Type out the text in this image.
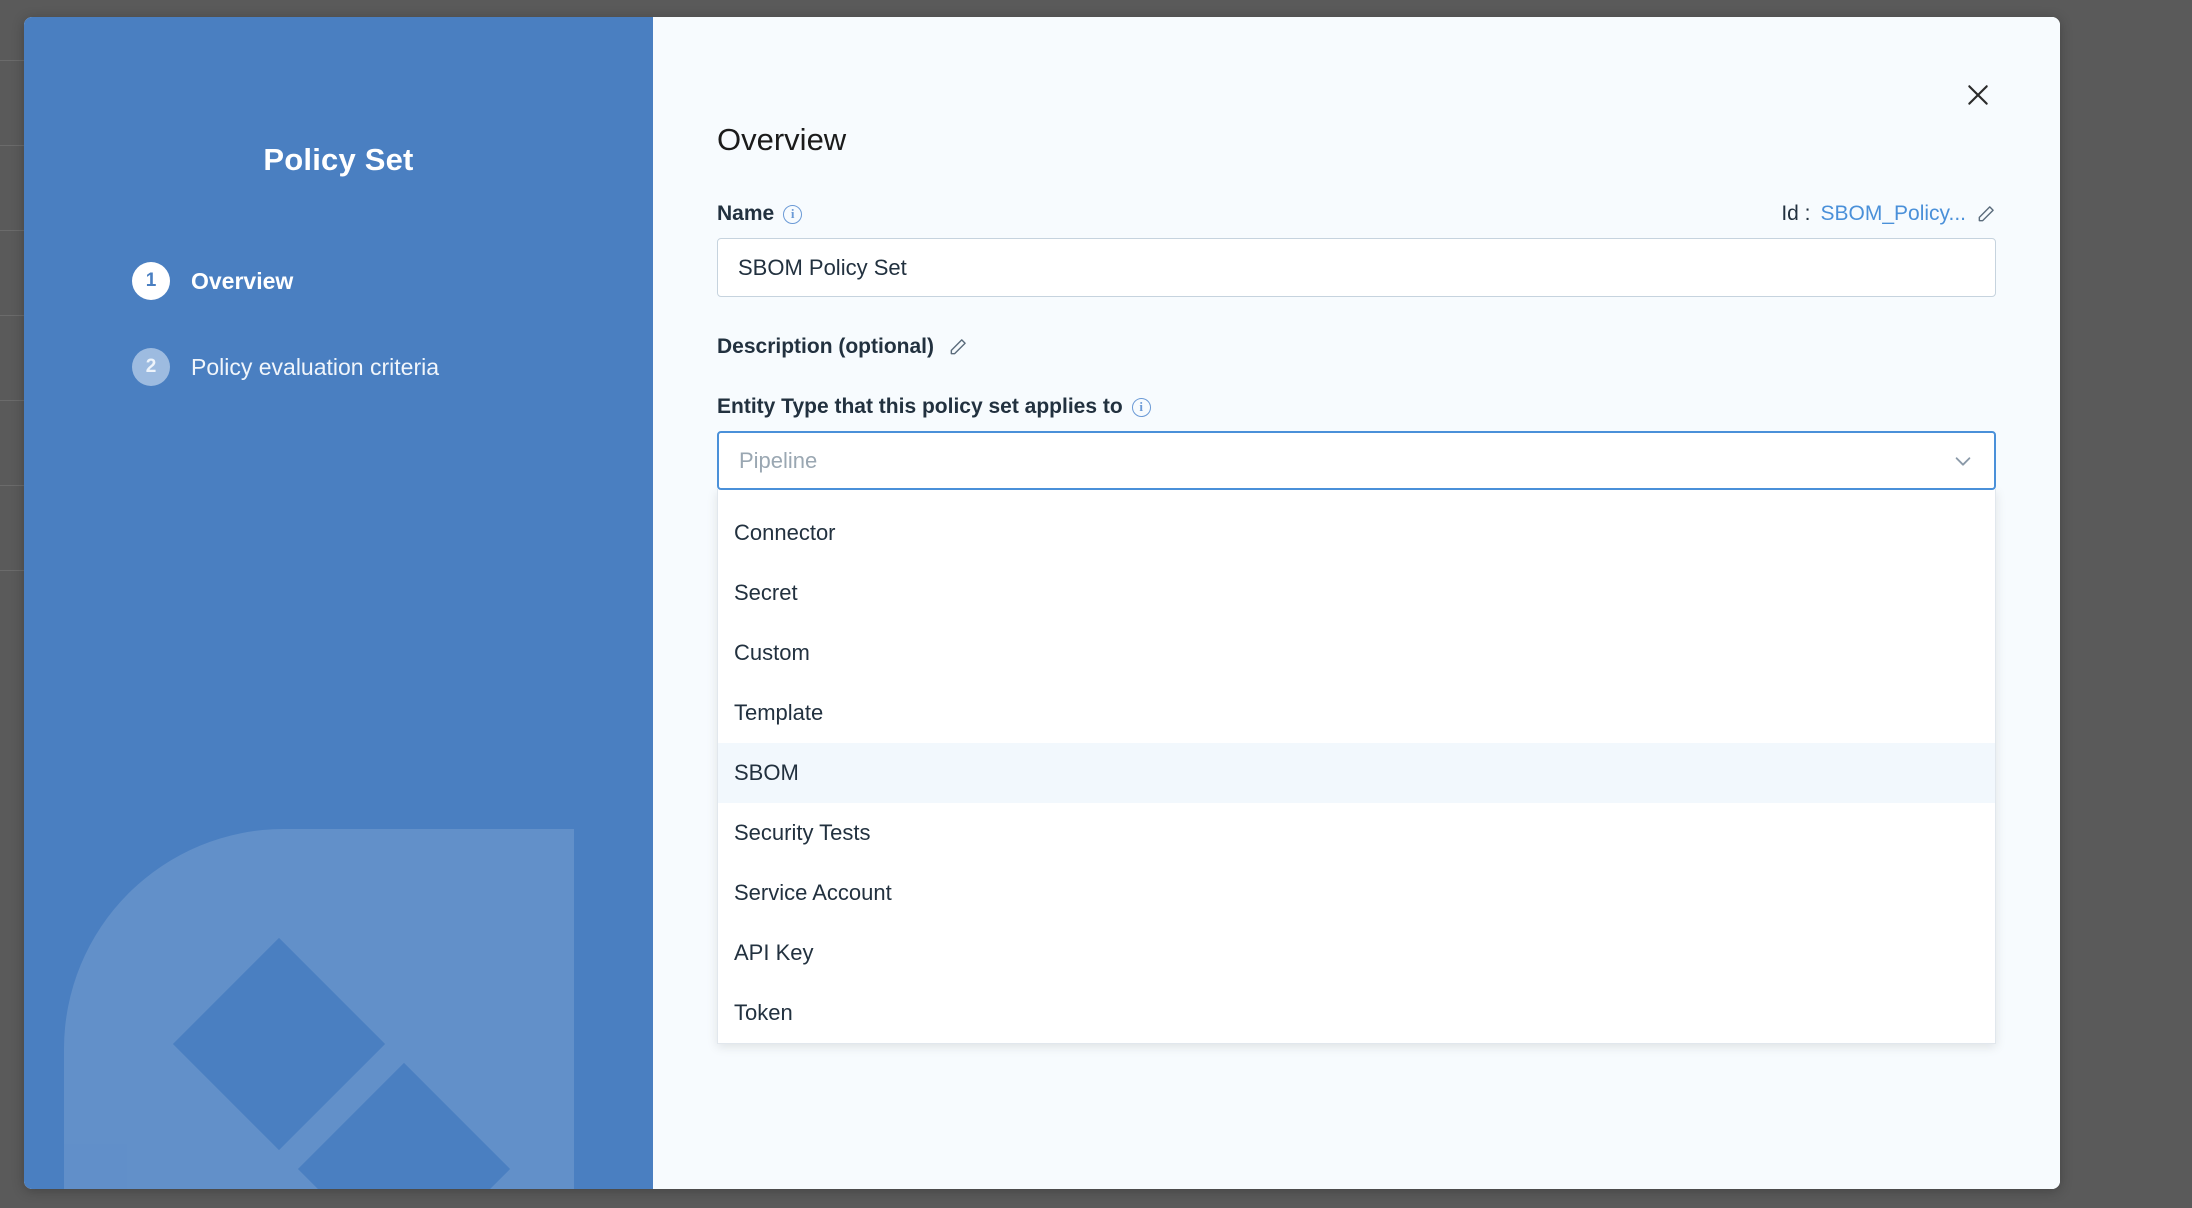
Policy Set
1	Overview
2	Policy evaluation criteria
Overview
Name	i	Id : SBOM_Policy...
SBOM Policy Set
Description (optional)
Entity Type that this policy set applies to	i
Pipeline
Connector
Secret
Custom
Template
SBOM
Security Tests
Service Account
API Key
Token
